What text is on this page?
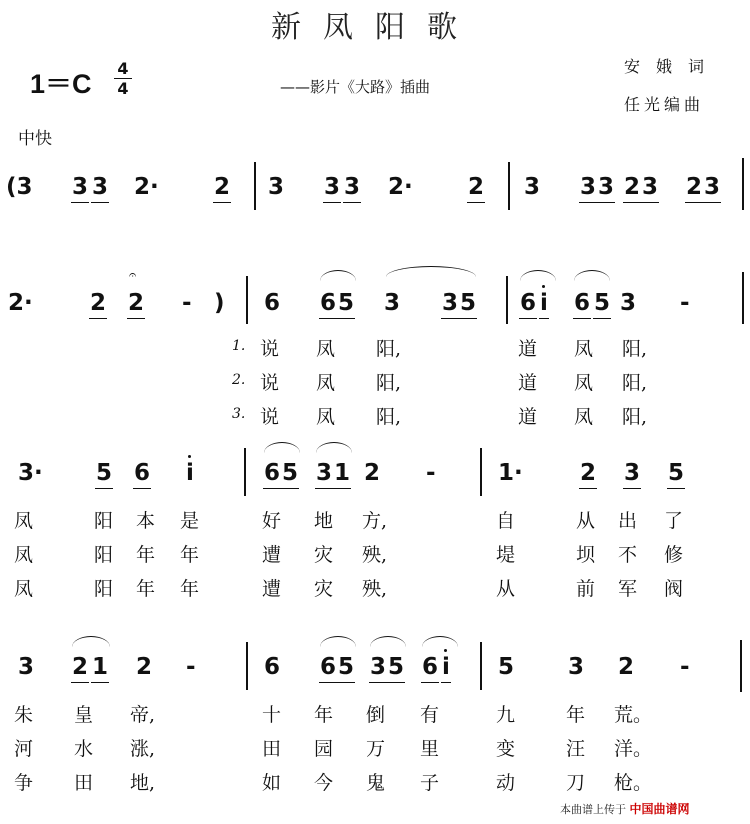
新凤阳歌
1＝C
4
4	——影片《大路》插曲
安娥词
任光编曲
中快
(3 3 3 2· 2 3 3 3 2· 2 3 3 3 2 3 2 3
2· 2 2
𝄐
- ) 6 6 5 3 3 5 6 i 6 5 3 -
1. 说 凤 阳,	道 凤 阳,
2. 说 凤 阳,	道 凤 阳,
3. 说 凤 阳,	道 凤 阳,
3· 5 6 i	6 5 3 1 2 -	1· 2 3 5
凤	阳 本 是	好 地 方,	自	从 出 了
凤	阳 年 年	遭 灾 殃,	堤	坝 不 修
凤	阳 年 年	遭 灾 殃,	从	前 军 阀
3 2 1 2 -	6 6 5 3 5 6 i 5 3 2 -
朱 皇 帝,	十 年 倒 有	九	年 荒。
河 水 涨,	田 园 万 里	变	汪 洋。
争 田 地,	如 今 鬼 子	动	刀 枪。
本曲谱上传于 中国曲谱网
